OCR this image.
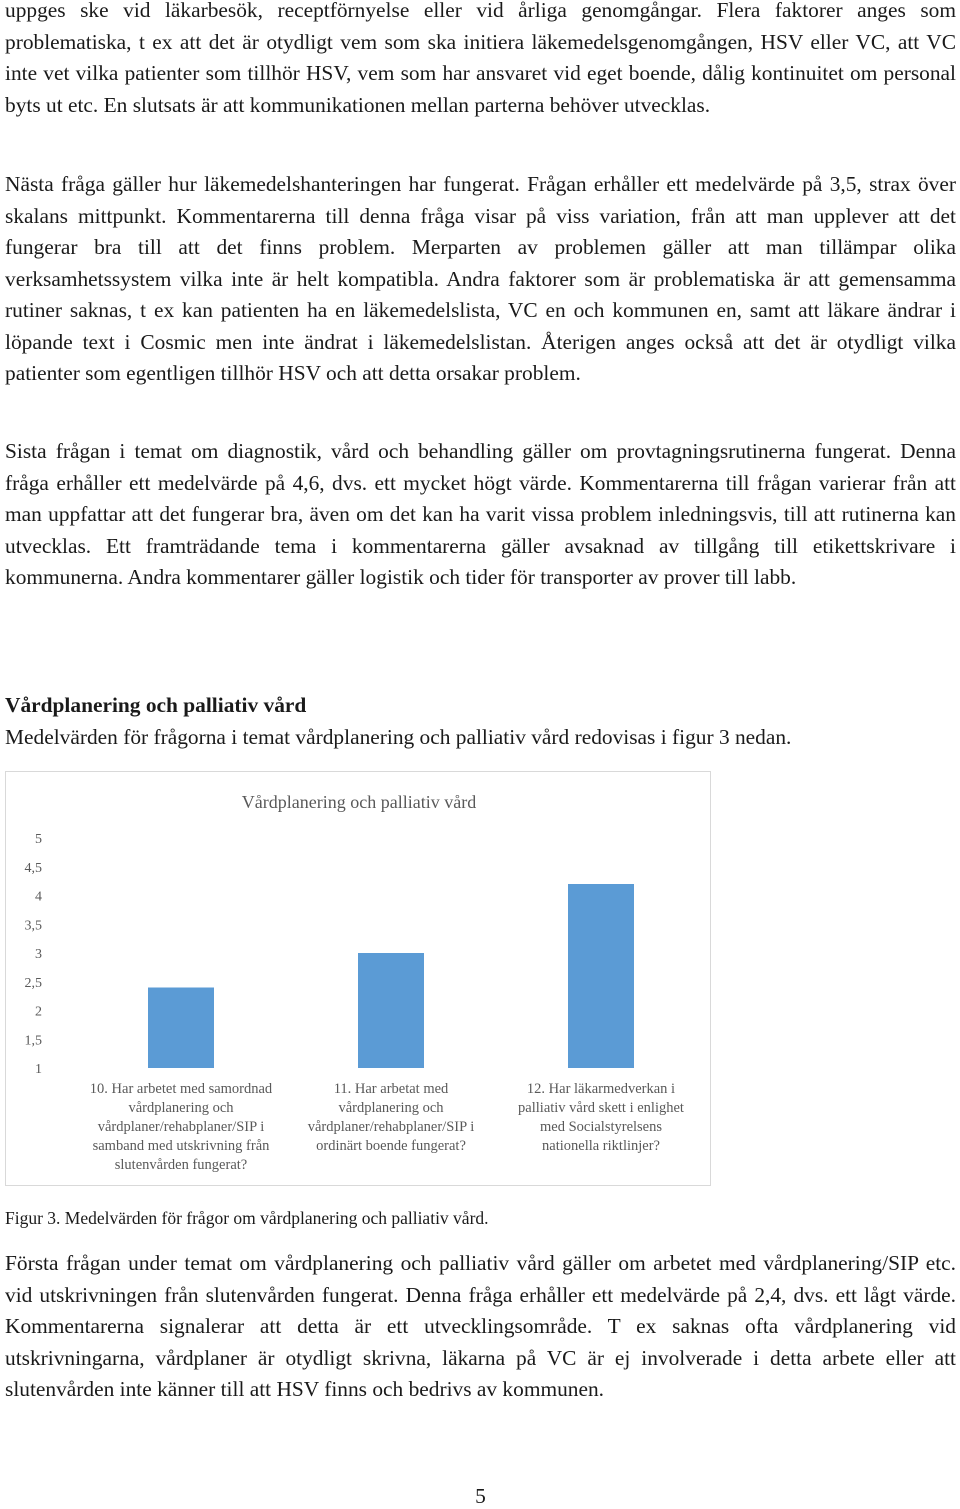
uppges ske vid läkarbesök, receptförnyelse eller vid årliga genomgångar. Flera faktorer anges som problematiska, t ex att det är otydligt vem som ska initiera läkemedelsgenomgången, HSV eller VC, att VC inte vet vilka patienter som tillhör HSV, vem som har ansvaret vid eget boende, dålig kontinuitet om personal byts ut etc. En slutsats är att kommunikationen mellan parterna behöver utvecklas.

Nästa fråga gäller hur läkemedelshanteringen har fungerat. Frågan erhåller ett medelvärde på 3,5, strax över skalans mittpunkt. Kommentarerna till denna fråga visar på viss variation, från att man upplever att det fungerar bra till att det finns problem. Merparten av problemen gäller att man tillämpar olika verksamhetssystem vilka inte är helt kompatibla. Andra faktorer som är problematiska är att gemensamma rutiner saknas, t ex kan patienten ha en läkemedelslista, VC en och kommunen en, samt att läkare ändrar i löpande text i Cosmic men inte ändrat i läkemedelslistan. Återigen anges också att det är otydligt vilka patienter som egentligen tillhör HSV och att detta orsakar problem.

Sista frågan i temat om diagnostik, vård och behandling gäller om provtagningsrutinerna fungerat. Denna fråga erhåller ett medelvärde på 4,6, dvs. ett mycket högt värde. Kommentarerna till frågan varierar från att man uppfattar att det fungerar bra, även om det kan ha varit vissa problem inledningsvis, till att rutinerna kan utvecklas. Ett framträdande tema i kommentarerna gäller avsaknad av tillgång till etikettskrivare i kommunerna. Andra kommentarer gäller logistik och tider för transporter av prover till labb.

Vårdplanering och palliativ vård
Medelvärden för frågorna i temat vårdplanering och palliativ vård redovisas i figur 3 nedan.
Vårdplanering och palliativ vård
1
1,5
2
2,5
3
3,5
4
4,5
5
10. Har arbetet med samordnad vårdplanering och vårdplaner/rehabplaner/SIP i samband med utskrivning från slutenvården fungerat?
11. Har arbetat med vårdplanering och vårdplaner/rehabplaner/SIP i ordinärt boende fungerat?
12. Har läkarmedverkan i palliativ vård skett i enlighet med Socialstyrelsens nationella riktlinjer?
Figur 3. Medelvärden för frågor om vårdplanering och palliativ vård.

Första frågan under temat om vårdplanering och palliativ vård gäller om arbetet med vårdplanering/SIP etc. vid utskrivningen från slutenvården fungerat. Denna fråga erhåller ett medelvärde på 2,4, dvs. ett lågt värde. Kommentarerna signalerar att detta är ett utvecklingsområde. T ex saknas ofta vårdplanering vid utskrivningarna, vårdplaner är otydligt skrivna, läkarna på VC är ej involverade i detta arbete eller att slutenvården inte känner till att HSV finns och bedrivs av kommunen.

5
